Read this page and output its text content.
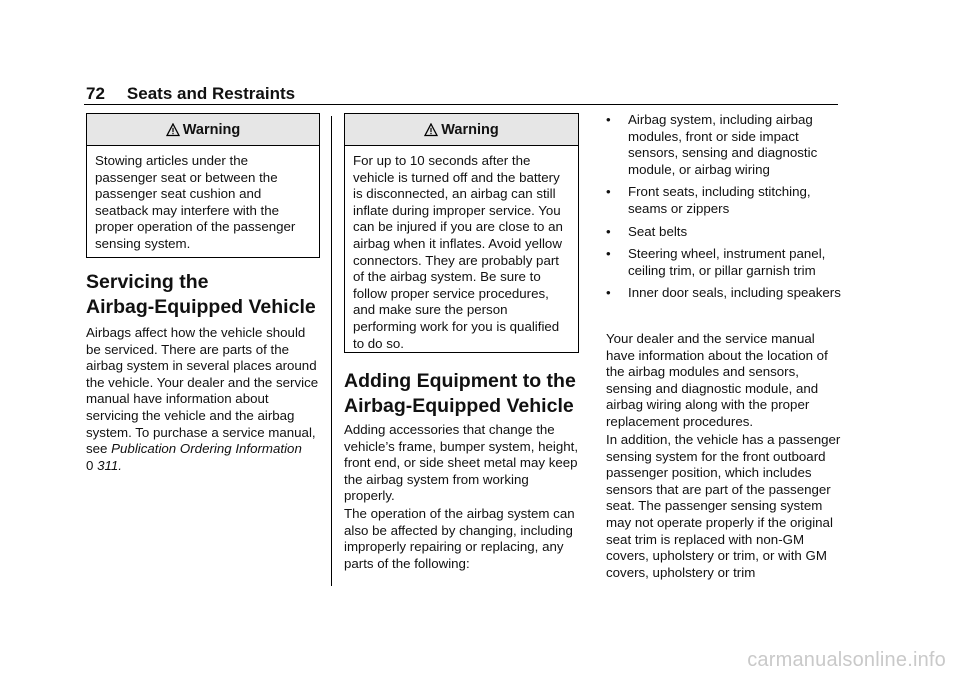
72 Seats and Restraints
Warning
Stowing articles under the passenger seat or between the passenger seat cushion and seatback may interfere with the proper operation of the passenger sensing system.
Servicing the
Airbag-Equipped Vehicle
Airbags affect how the vehicle should be serviced. There are parts of the airbag system in several places around the vehicle. Your dealer and the service manual have information about servicing the vehicle and the airbag system. To purchase a service manual, see Publication Ordering Information
0 311.
Warning
For up to 10 seconds after the vehicle is turned off and the battery is disconnected, an airbag can still inflate during improper service. You can be injured if you are close to an airbag when it inflates. Avoid yellow connectors. They are probably part of the airbag system. Be sure to follow proper service procedures, and make sure the person performing work for you is qualified to do so.
Adding Equipment to the
Airbag-Equipped Vehicle

Adding accessories that change the vehicle’s frame, bumper system, height, front end, or side sheet metal may keep the airbag system from working properly.

The operation of the airbag system can also be affected by changing, including improperly repairing or replacing, any parts of the following:

• Airbag system, including airbag modules, front or side impact sensors, sensing and diagnostic module, or airbag wiring
• Front seats, including stitching, seams or zippers
• Seat belts
• Steering wheel, instrument panel, ceiling trim, or pillar garnish trim
• Inner door seals, including speakers

Your dealer and the service manual have information about the location of the airbag modules and sensors, sensing and diagnostic module, and airbag wiring along with the proper replacement procedures.

In addition, the vehicle has a passenger sensing system for the front outboard passenger position, which includes sensors that are part of the passenger seat. The passenger sensing system may not operate properly if the original seat trim is replaced with non-GM covers, upholstery or trim, or with GM covers, upholstery or trim

carmanualsonline.info
